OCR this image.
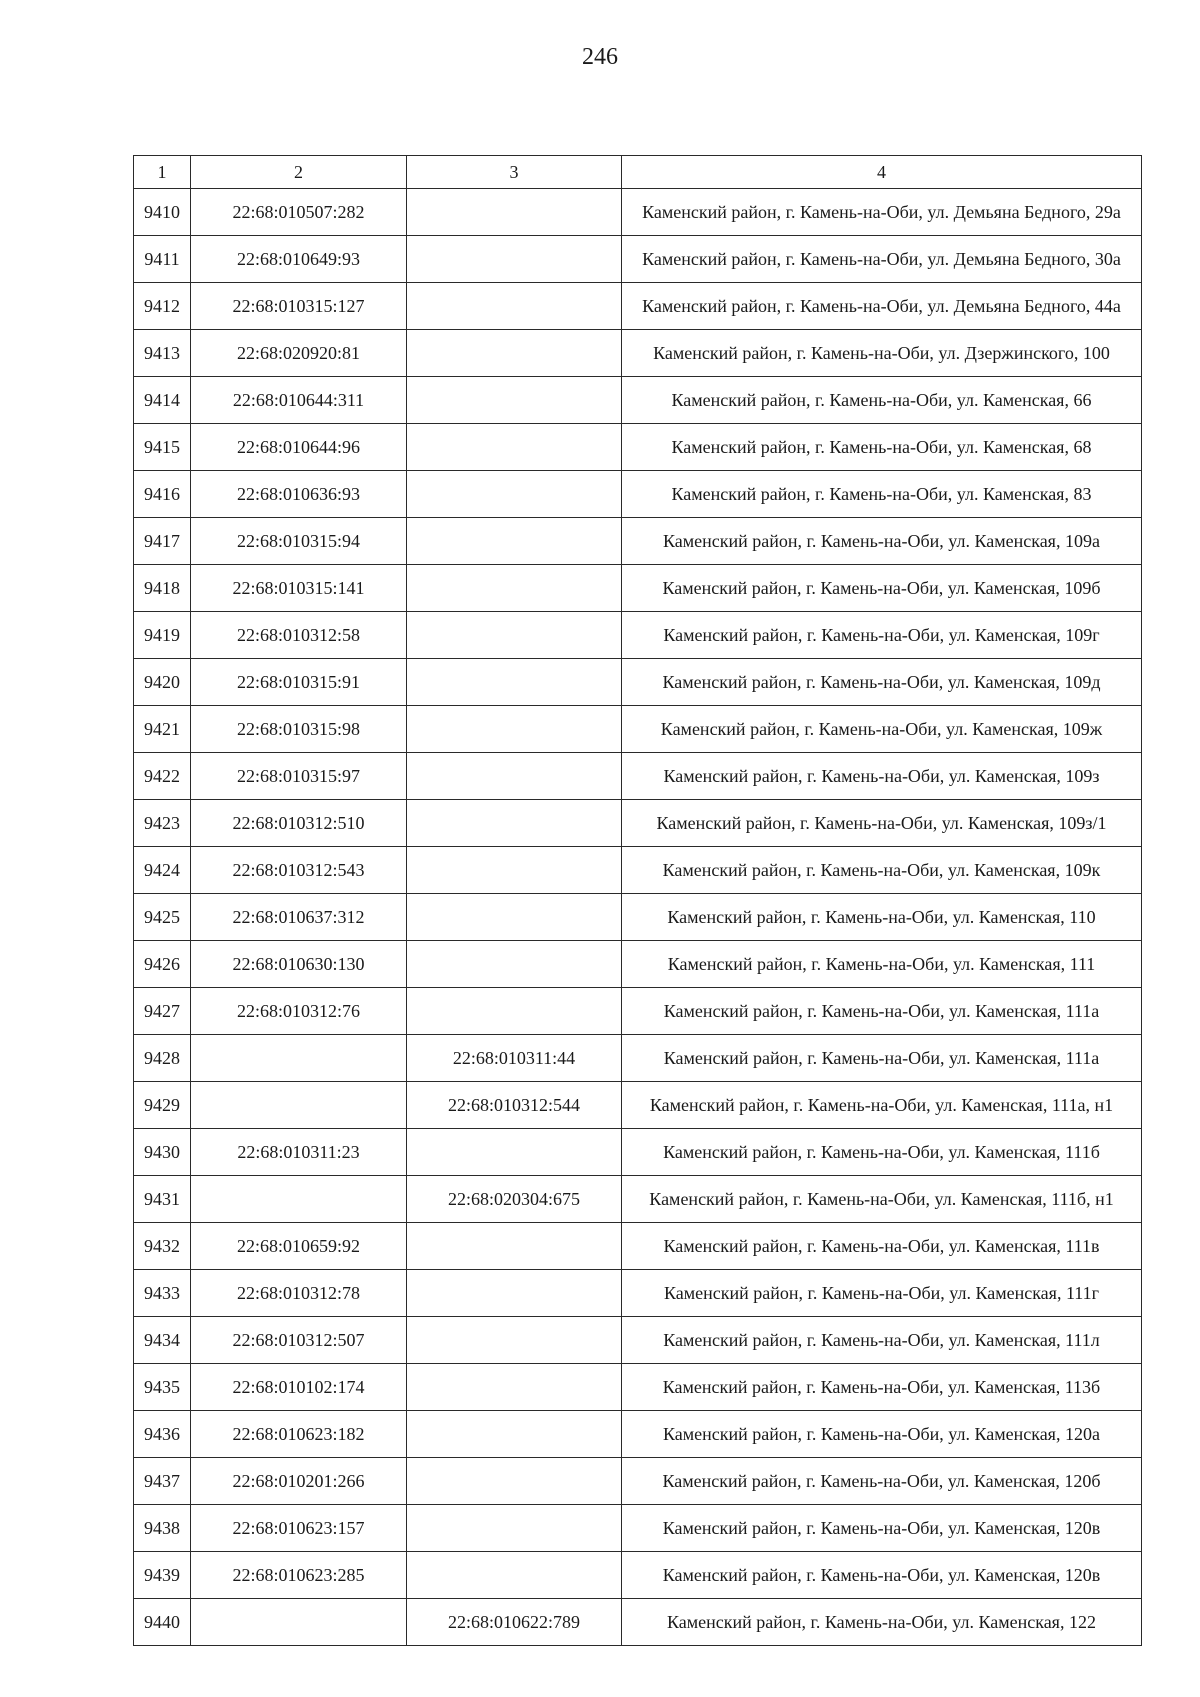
246
1	2	3	4
9410	22:68:010507:282		Каменский район, г. Камень-на-Оби, ул. Демьяна Бедного, 29а
9411	22:68:010649:93		Каменский район, г. Камень-на-Оби, ул. Демьяна Бедного, 30а
9412	22:68:010315:127		Каменский район, г. Камень-на-Оби, ул. Демьяна Бедного, 44а
9413	22:68:020920:81		Каменский район, г. Камень-на-Оби, ул. Дзержинского, 100
9414	22:68:010644:311		Каменский район, г. Камень-на-Оби, ул. Каменская, 66
9415	22:68:010644:96		Каменский район, г. Камень-на-Оби, ул. Каменская, 68
9416	22:68:010636:93		Каменский район, г. Камень-на-Оби, ул. Каменская, 83
9417	22:68:010315:94		Каменский район, г. Камень-на-Оби, ул. Каменская, 109а
9418	22:68:010315:141		Каменский район, г. Камень-на-Оби, ул. Каменская, 109б
9419	22:68:010312:58		Каменский район, г. Камень-на-Оби, ул. Каменская, 109г
9420	22:68:010315:91		Каменский район, г. Камень-на-Оби, ул. Каменская, 109д
9421	22:68:010315:98		Каменский район, г. Камень-на-Оби, ул. Каменская, 109ж
9422	22:68:010315:97		Каменский район, г. Камень-на-Оби, ул. Каменская, 109з
9423	22:68:010312:510		Каменский район, г. Камень-на-Оби, ул. Каменская, 109з/1
9424	22:68:010312:543		Каменский район, г. Камень-на-Оби, ул. Каменская, 109к
9425	22:68:010637:312		Каменский район, г. Камень-на-Оби, ул. Каменская, 110
9426	22:68:010630:130		Каменский район, г. Камень-на-Оби, ул. Каменская, 111
9427	22:68:010312:76		Каменский район, г. Камень-на-Оби, ул. Каменская, 111а
9428		22:68:010311:44	Каменский район, г. Камень-на-Оби, ул. Каменская, 111а
9429		22:68:010312:544	Каменский район, г. Камень-на-Оби, ул. Каменская, 111а, н1
9430	22:68:010311:23		Каменский район, г. Камень-на-Оби, ул. Каменская, 111б
9431		22:68:020304:675	Каменский район, г. Камень-на-Оби, ул. Каменская, 111б, н1
9432	22:68:010659:92		Каменский район, г. Камень-на-Оби, ул. Каменская, 111в
9433	22:68:010312:78		Каменский район, г. Камень-на-Оби, ул. Каменская, 111г
9434	22:68:010312:507		Каменский район, г. Камень-на-Оби, ул. Каменская, 111л
9435	22:68:010102:174		Каменский район, г. Камень-на-Оби, ул. Каменская, 113б
9436	22:68:010623:182		Каменский район, г. Камень-на-Оби, ул. Каменская, 120а
9437	22:68:010201:266		Каменский район, г. Камень-на-Оби, ул. Каменская, 120б
9438	22:68:010623:157		Каменский район, г. Камень-на-Оби, ул. Каменская, 120в
9439	22:68:010623:285		Каменский район, г. Камень-на-Оби, ул. Каменская, 120в
9440		22:68:010622:789	Каменский район, г. Камень-на-Оби, ул. Каменская, 122
